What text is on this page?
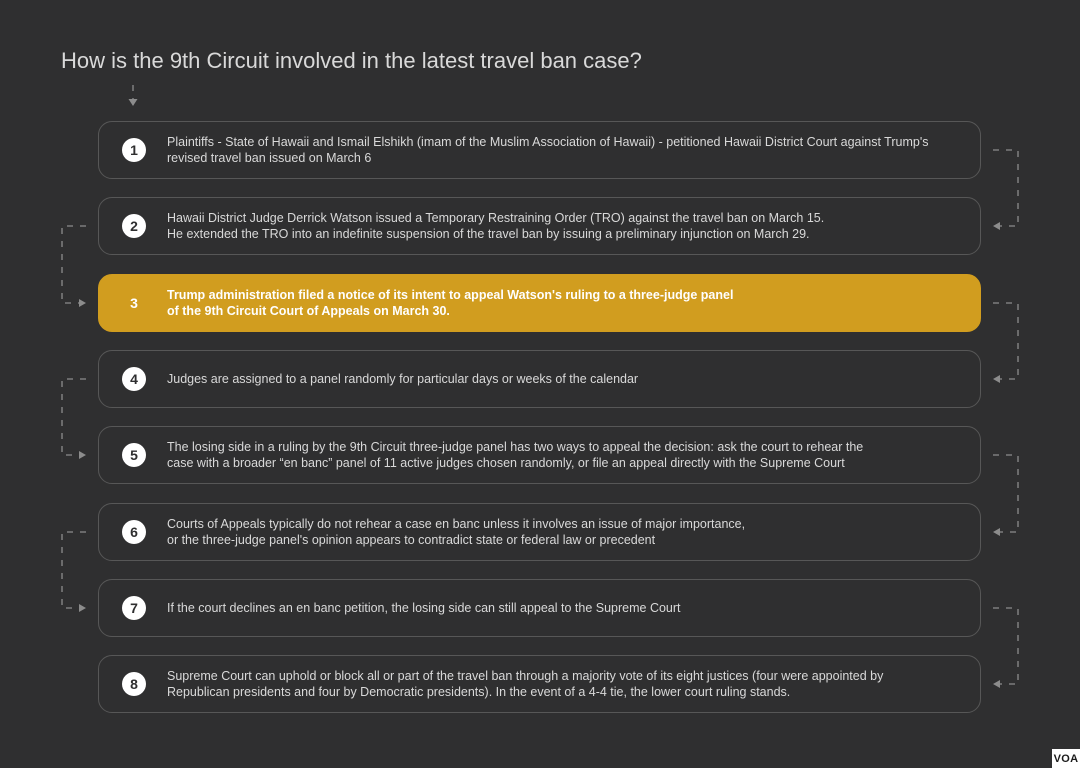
How is the 9th Circuit involved in the latest travel ban case?
1	Plaintiffs - State of Hawaii and Ismail Elshikh (imam of the Muslim Association of Hawaii) - petitioned Hawaii District Court against Trump's
revised travel ban issued on March 6
2	Hawaii District Judge Derrick Watson issued a Temporary Restraining Order (TRO) against the travel ban on March 15.
He extended the TRO into an indefinite suspension of the travel ban by issuing a preliminary injunction on March 29.
3	Trump administration filed a notice of its intent to appeal Watson's ruling to a three-judge panel
of the 9th Circuit Court of Appeals on March 30.
4	Judges are assigned to a panel randomly for particular days or weeks of the calendar
5	The losing side in a ruling by the 9th Circuit three-judge panel has two ways to appeal the decision: ask the court to rehear the
case with a broader “en banc” panel of 11 active judges chosen randomly, or file an appeal directly with the Supreme Court
6	Courts of Appeals typically do not rehear a case en banc unless it involves an issue of major importance,
or the three-judge panel's opinion appears to contradict state or federal law or precedent
7	If the court declines an en banc petition, the losing side can still appeal to the Supreme Court
8	Supreme Court can uphold or block all or part of the travel ban through a majority vote of its eight justices (four were appointed by
Republican presidents and four by Democratic presidents). In the event of a 4-4 tie, the lower court ruling stands.
VOA
